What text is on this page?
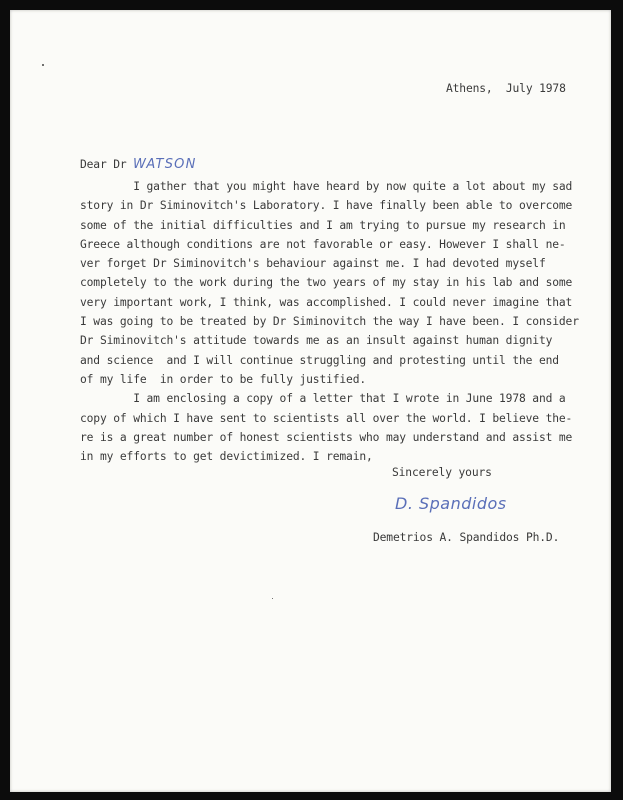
Athens,  July 1978
Dear Dr WATSON
I gather that you might have heard by now quite a lot about my sad
story in Dr Siminovitch's Laboratory. I have finally been able to overcome
some of the initial difficulties and I am trying to pursue my research in
Greece although conditions are not favorable or easy. However I shall ne-
ver forget Dr Siminovitch's behaviour against me. I had devoted myself
completely to the work during the two years of my stay in his lab and some
very important work, I think, was accomplished. I could never imagine that
I was going to be treated by Dr Siminovitch the way I have been. I consider
Dr Siminovitch's attitude towards me as an insult against human dignity
and science  and I will continue struggling and protesting until the end
of my life  in order to be fully justified.
I am enclosing a copy of a letter that I wrote in June 1978 and a
copy of which I have sent to scientists all over the world. I believe the-
re is a great number of honest scientists who may understand and assist me
in my efforts to get devictimized. I remain,
Sincerely yours
D. Spandidos
Demetrios A. Spandidos Ph.D.
